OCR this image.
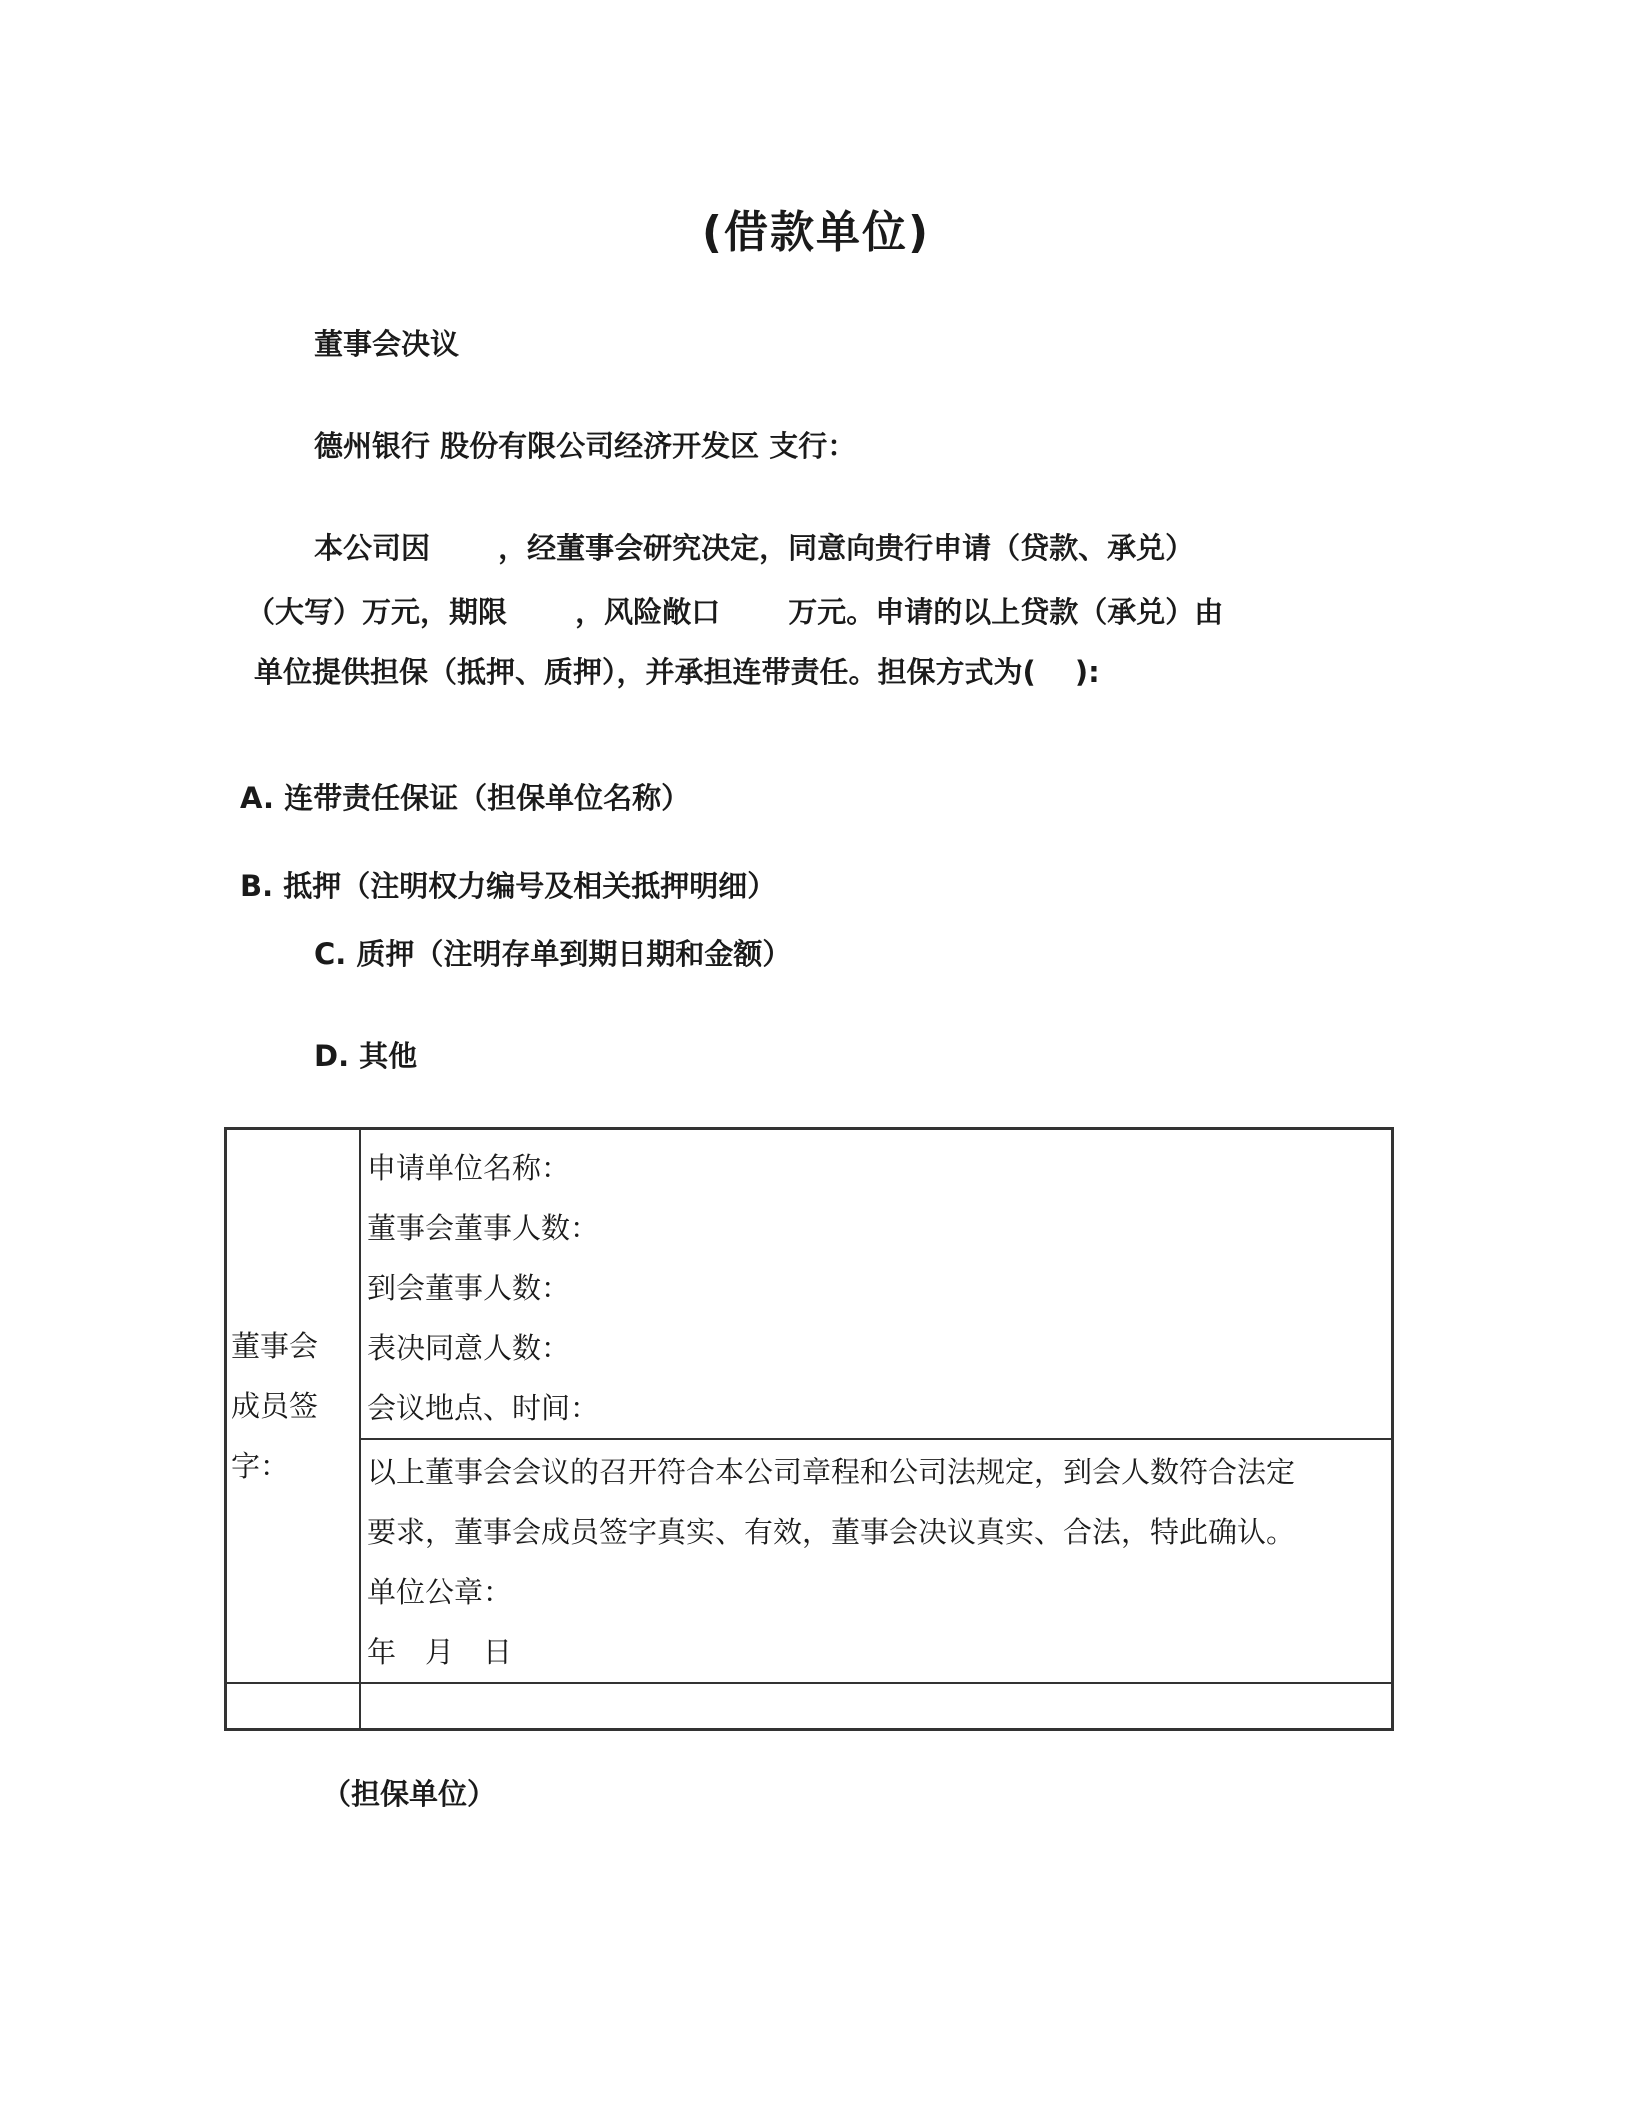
(借款单位)
董事会决议
德州银行 股份有限公司经济开发区 支行：
本公司因 　　，经董事会研究决定，同意向贵行申请（贷款、承兑）
（大写）万元，期限 　　，风险敞口 　　万元。申请的以上贷款（承兑）由
单位提供担保（抵押、质押），并承担连带责任。担保方式为(　 ):
A. 连带责任保证（担保单位名称）
B. 抵押（注明权力编号及相关抵押明细）
C. 质押（注明存单到期日期和金额）
D. 其他
董事会
成员签
字：	申请单位名称：
董事会董事人数：
到会董事人数：
表决同意人数：
会议地点、时间：

	以上董事会会议的召开符合本公司章程和公司法规定，到会人数符合法定
要求，董事会成员签字真实、有效，董事会决议真实、合法，特此确认。
单位公章：
年　月　日

（担保单位）
